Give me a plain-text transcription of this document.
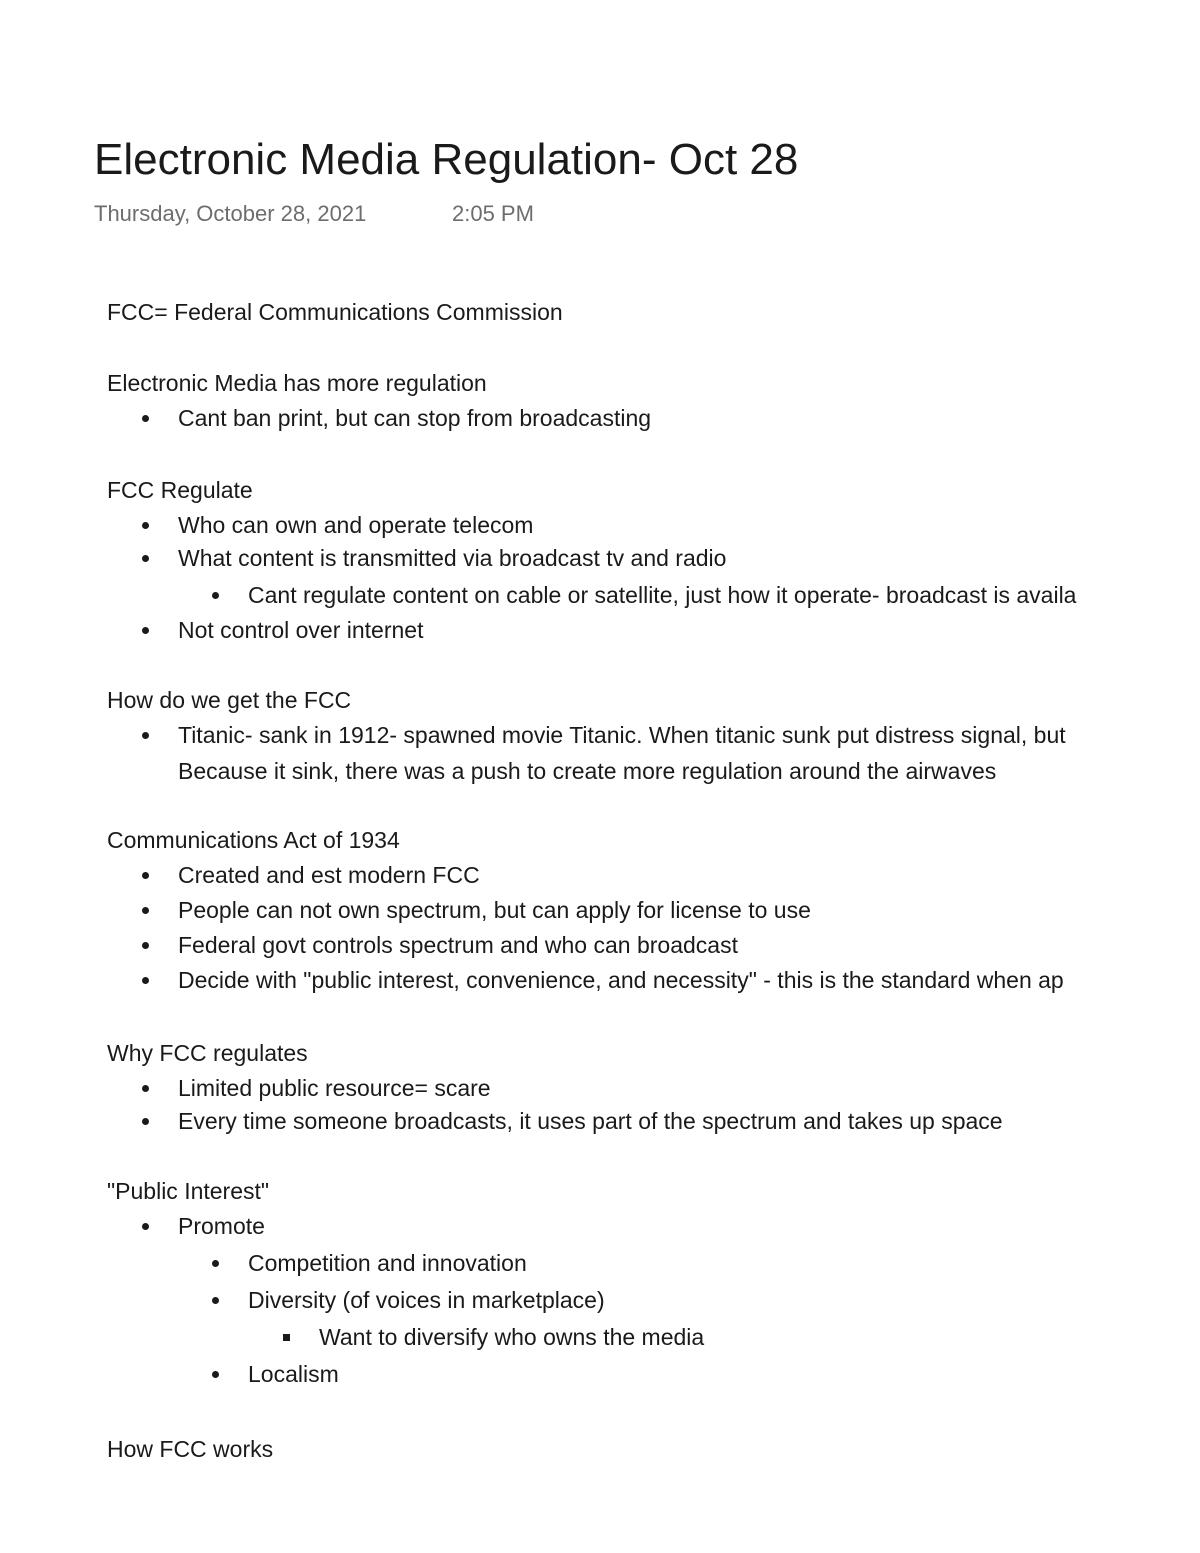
Electronic Media Regulation- Oct 28
Thursday, October 28, 2021	2:05 PM
FCC= Federal Communications Commission
Electronic Media has more regulation
Cant ban print, but can stop from broadcasting
FCC Regulate
Who can own and operate telecom
What content is transmitted via broadcast tv and radio
Cant regulate content on cable or satellite, just how it operate- broadcast is availa
Not control over internet
How do we get the FCC
Titanic- sank in 1912- spawned movie Titanic. When titanic sunk put distress signal, but
Because it sink, there was a push to create more regulation around the airwaves
Communications Act of 1934
Created and est modern FCC
People can not own spectrum, but can apply for license to use
Federal govt controls spectrum and who can broadcast
Decide with "public interest, convenience, and necessity" - this is the standard when ap
Why FCC regulates
Limited public resource= scare
Every time someone broadcasts, it uses part of the spectrum and takes up space
"Public Interest"
Promote
Competition and innovation
Diversity (of voices in marketplace)
Want to diversify who owns the media
Localism
How FCC works
